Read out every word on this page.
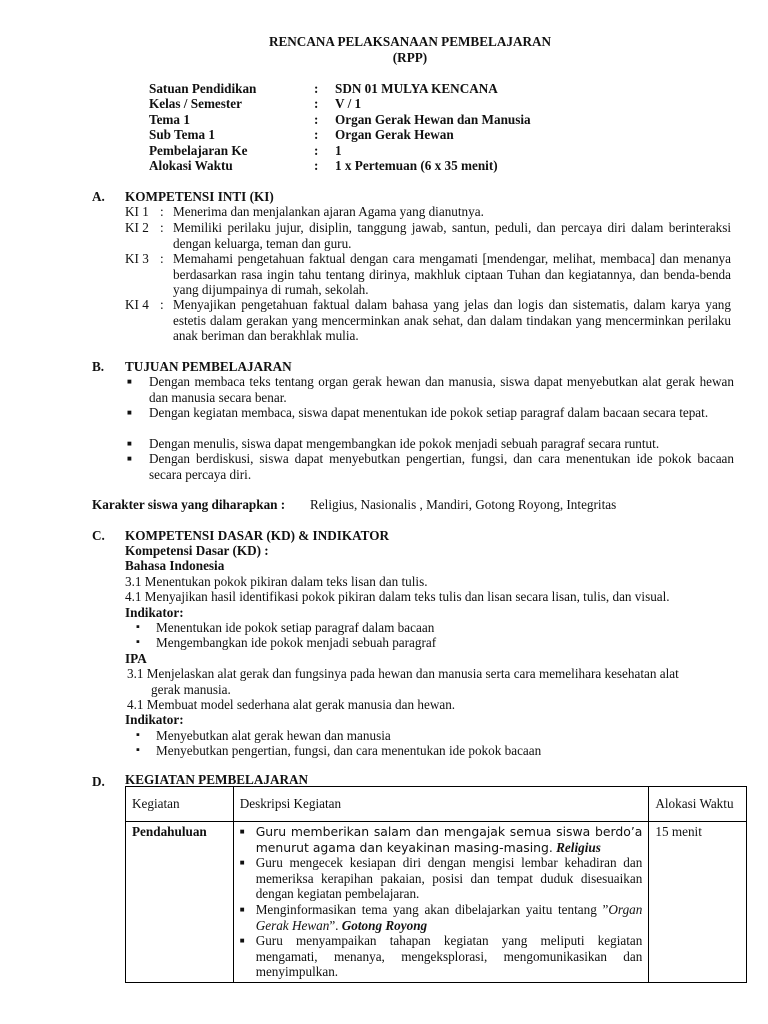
RENCANA PELAKSANAAN PEMBELAJARAN
(RPP)
Satuan Pendidikan	: SDN 01 MULYA KENCANA
Kelas / Semester	: V / 1
Tema 1	: Organ Gerak Hewan dan Manusia
Sub Tema 1	: Organ Gerak Hewan
Pembelajaran Ke	: 1
Alokasi Waktu	: 1 x Pertemuan (6 x 35 menit)
A. KOMPETENSI INTI (KI)
KI 1 : Menerima dan menjalankan ajaran Agama yang dianutnya.
KI 2 : Memiliki perilaku jujur, disiplin, tanggung jawab, santun, peduli, dan percaya diri dalam berinteraksi dengan keluarga, teman dan guru.
KI 3 : Memahami pengetahuan faktual dengan cara mengamati [mendengar, melihat, membaca] dan menanya berdasarkan rasa ingin tahu tentang dirinya, makhluk ciptaan Tuhan dan kegiatannya, dan benda-benda yang dijumpainya di rumah, sekolah.
KI 4 : Menyajikan pengetahuan faktual dalam bahasa yang jelas dan logis dan sistematis, dalam karya yang estetis dalam gerakan yang mencerminkan anak sehat, dan dalam tindakan yang mencerminkan perilaku anak beriman dan berakhlak mulia.
B. TUJUAN PEMBELAJARAN
■ Dengan membaca teks tentang organ gerak hewan dan manusia, siswa dapat menyebutkan alat gerak hewan dan manusia secara benar.
■ Dengan kegiatan membaca, siswa dapat menentukan ide pokok setiap paragraf dalam bacaan secara tepat.
■ Dengan menulis, siswa dapat mengembangkan ide pokok menjadi sebuah paragraf secara runtut.
■ Dengan berdiskusi, siswa dapat menyebutkan pengertian, fungsi, dan cara menentukan ide pokok bacaan secara percaya diri.
Karakter siswa yang diharapkan : Religius, Nasionalis , Mandiri, Gotong Royong, Integritas
C. KOMPETENSI DASAR (KD) & INDIKATOR
Kompetensi Dasar (KD) :
Bahasa Indonesia
3.1 Menentukan pokok pikiran dalam teks lisan dan tulis.
4.1 Menyajikan hasil identifikasi pokok pikiran dalam teks tulis dan lisan secara lisan, tulis, dan visual.
Indikator:
▪ Menentukan ide pokok setiap paragraf dalam bacaan
▪ Mengembangkan ide pokok menjadi sebuah paragraf
IPA
3.1 Menjelaskan alat gerak dan fungsinya pada hewan dan manusia serta cara memelihara kesehatan alat
gerak manusia.
4.1 Membuat model sederhana alat gerak manusia dan hewan.
Indikator:
▪ Menyebutkan alat gerak hewan dan manusia
▪ Menyebutkan pengertian, fungsi, dan cara menentukan ide pokok bacaan
D. KEGIATAN PEMBELAJARAN
Kegiatan	Deskripsi Kegiatan	Alokasi Waktu
Pendahuluan	■ Guru memberikan salam dan mengajak semua siswa berdo’a menurut agama dan keyakinan masing-masing. Religius
■ Guru mengecek kesiapan diri dengan mengisi lembar kehadiran dan memeriksa kerapihan pakaian, posisi dan tempat duduk disesuaikan dengan kegiatan pembelajaran.
■ Menginformasikan tema yang akan dibelajarkan yaitu tentang ”Organ Gerak Hewan”. Gotong Royong
■ Guru menyampaikan tahapan kegiatan yang meliputi kegiatan mengamati, menanya, mengeksplorasi, mengomunikasikan dan menyimpulkan.	15 menit
